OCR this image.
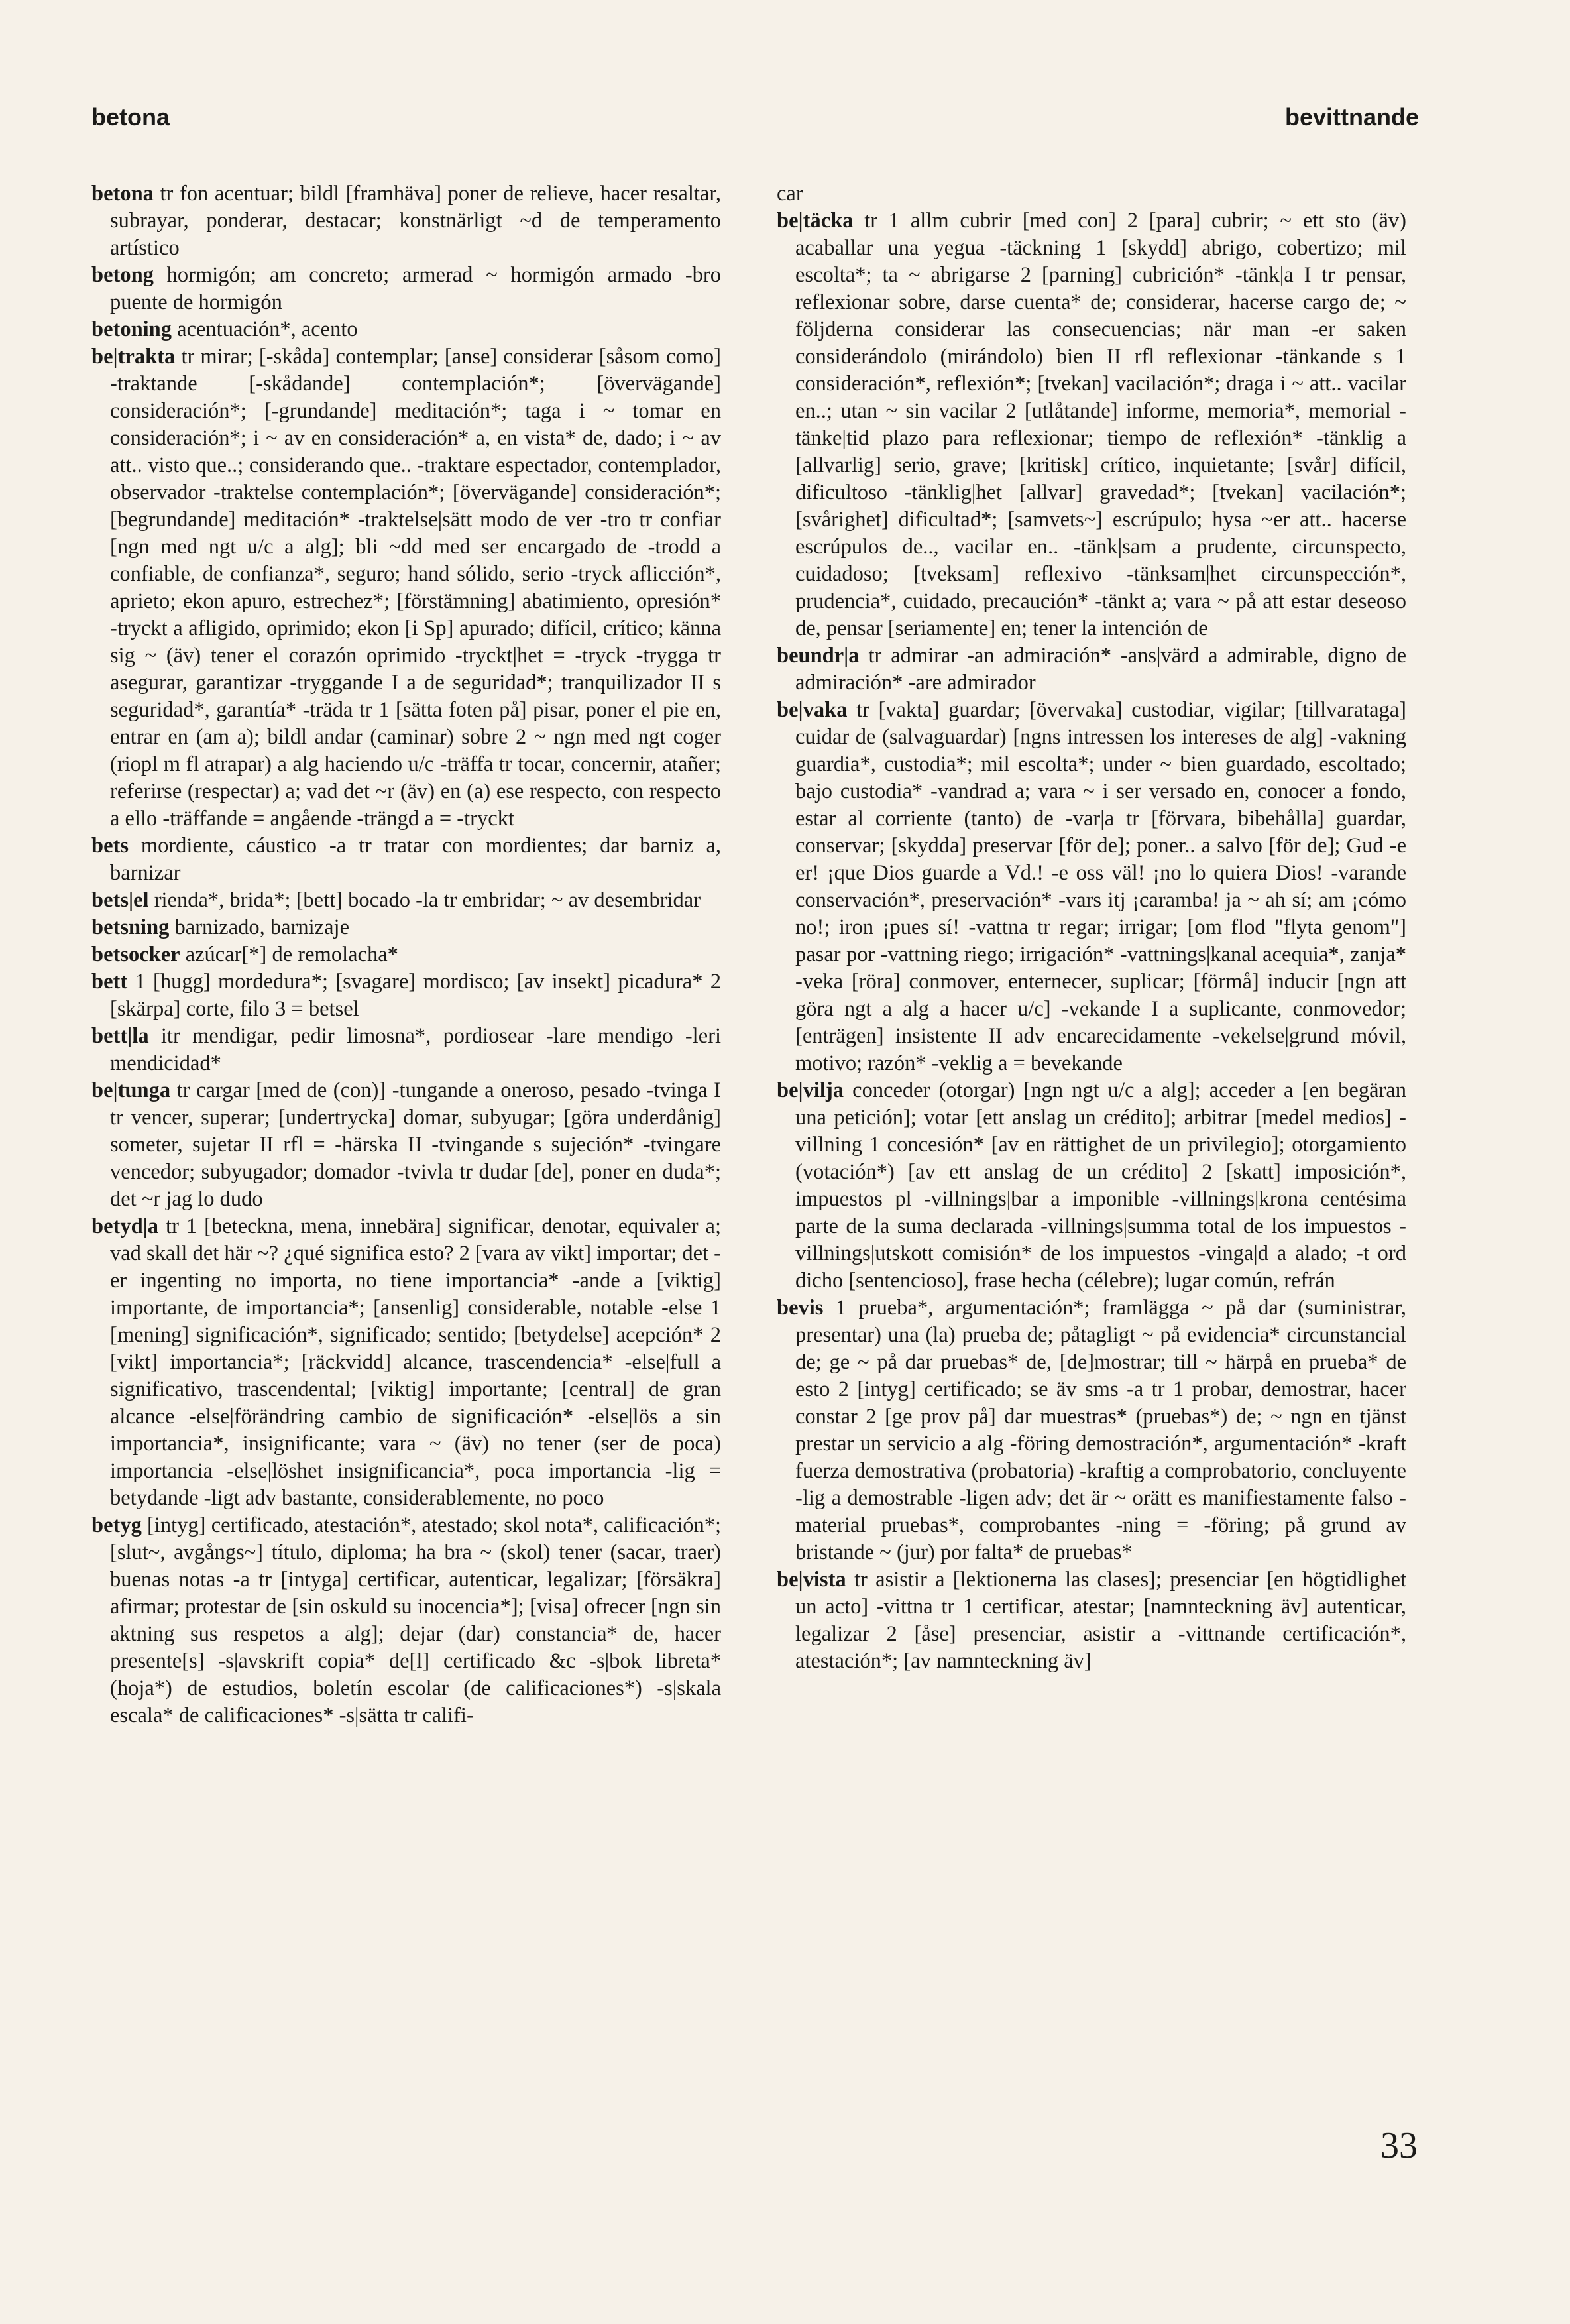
betona	bevittnande

betona tr fon acentuar; bildl [framhäva] poner de relieve, hacer resaltar, subrayar, ponderar, destacar; konstnärligt ~d de temperamento artístico

betong hormigón; am concreto; armerad ~ hormigón armado -bro puente de hormigón

betoning acentuación*, acento

be|trakta tr mirar; [-skåda] contemplar; [anse] considerar [såsom como] -traktande [-skådande] contemplación*; [övervägande] consideración*; [-grundande] meditación*; taga i ~ tomar en consideración*; i ~ av en consideración* a, en vista* de, dado; i ~ av att.. visto que..; considerando que.. -traktare espectador, contemplador, observador -traktelse contemplación*; [övervägande] consideración*; [begrundande] meditación* -traktelse|sätt modo de ver -tro tr confiar [ngn med ngt u/c a alg]; bli ~dd med ser encargado de -trodd a confiable, de confianza*, seguro; hand sólido, serio -tryck aflicción*, aprieto; ekon apuro, estrechez*; [förstämning] abatimiento, opresión* -tryckt a afligido, oprimido; ekon [i Sp] apurado; difícil, crítico; känna sig ~ (äv) tener el corazón oprimido -tryckt|het = -tryck -trygga tr asegurar, garantizar -tryggande I a de seguridad*; tranquilizador II s seguridad*, garantía* -träda tr 1 [sätta foten på] pisar, poner el pie en, entrar en (am a); bildl andar (caminar) sobre 2 ~ ngn med ngt coger (riopl m fl atrapar) a alg haciendo u/c -träffa tr tocar, concernir, atañer; referirse (respectar) a; vad det ~r (äv) en (a) ese respecto, con respecto a ello -träffande = angående -trängd a = -tryckt

bets mordiente, cáustico -a tr tratar con mordientes; dar barniz a, barnizar

bets|el rienda*, brida*; [bett] bocado -la tr embridar; ~ av desembridar

betsning barnizado, barnizaje

betsocker azúcar[*] de remolacha*

bett 1 [hugg] mordedura*; [svagare] mordisco; [av insekt] picadura* 2 [skärpa] corte, filo 3 = betsel

bett|la itr mendigar, pedir limosna*, pordiosear -lare mendigo -leri mendicidad*

be|tunga tr cargar [med de (con)] -tungande a oneroso, pesado -tvinga I tr vencer, superar; [undertrycka] domar, subyugar; [göra underdånig] someter, sujetar II rfl = -härska II -tvingande s sujeción* -tvingare vencedor; subyugador; domador -tvivla tr dudar [de], poner en duda*; det ~r jag lo dudo

betyd|a tr 1 [beteckna, mena, innebära] significar, denotar, equivaler a; vad skall det här ~? ¿qué significa esto? 2 [vara av vikt] importar; det -er ingenting no importa, no tiene importancia* -ande a [viktig] importante, de importancia*; [ansenlig] considerable, notable -else 1 [mening] significación*, significado; sentido; [betydelse] acepción* 2 [vikt] importancia*; [räckvidd] alcance, trascendencia* -else|full a significativo, trascendental; [viktig] importante; [central] de gran alcance -else|förändring cambio de significación* -else|lös a sin importancia*, insignificante; vara ~ (äv) no tener (ser de poca) importancia -else|löshet insignificancia*, poca importancia -lig = betydande -ligt adv bastante, considerablemente, no poco

betyg [intyg] certificado, atestación*, atestado; skol nota*, calificación*; [slut~, avgångs~] título, diploma; ha bra ~ (skol) tener (sacar, traer) buenas notas -a tr [intyga] certificar, autenticar, legalizar; [försäkra] afirmar; protestar de [sin oskuld su inocencia*]; [visa] ofrecer [ngn sin aktning sus respetos a alg]; dejar (dar) constancia* de, hacer presente[s] -s|avskrift copia* de[l] certificado &c -s|bok libreta* (hoja*) de estudios, boletín escolar (de calificaciones*) -s|skala escala* de calificaciones* -s|sätta tr califi-

car

be|täcka tr 1 allm cubrir [med con] 2 [para] cubrir; ~ ett sto (äv) acaballar una yegua -täckning 1 [skydd] abrigo, cobertizo; mil escolta*; ta ~ abrigarse 2 [parning] cubrición* -tänk|a I tr pensar, reflexionar sobre, darse cuenta* de; considerar, hacerse cargo de; ~ följderna considerar las consecuencias; när man -er saken considerándolo (mirándolo) bien II rfl reflexionar -tänkande s 1 consideración*, reflexión*; [tvekan] vacilación*; draga i ~ att.. vacilar en..; utan ~ sin vacilar 2 [utlåtande] informe, memoria*, memorial -tänke|tid plazo para reflexionar; tiempo de reflexión* -tänklig a [allvarlig] serio, grave; [kritisk] crítico, inquietante; [svår] difícil, dificultoso -tänklig|het [allvar] gravedad*; [tvekan] vacilación*; [svårighet] dificultad*; [samvets~] escrúpulo; hysa ~er att.. hacerse escrúpulos de.., vacilar en.. -tänk|sam a prudente, circunspecto, cuidadoso; [tveksam] reflexivo -tänksam|het circunspección*, prudencia*, cuidado, precaución* -tänkt a; vara ~ på att estar deseoso de, pensar [seriamente] en; tener la intención de

beundr|a tr admirar -an admiración* -ans|värd a admirable, digno de admiración* -are admirador

be|vaka tr [vakta] guardar; [övervaka] custodiar, vigilar; [tillvarataga] cuidar de (salvaguardar) [ngns intressen los intereses de alg] -vakning guardia*, custodia*; mil escolta*; under ~ bien guardado, escoltado; bajo custodia* -vandrad a; vara ~ i ser versado en, conocer a fondo, estar al corriente (tanto) de -var|a tr [förvara, bibehålla] guardar, conservar; [skydda] preservar [för de]; poner.. a salvo [för de]; Gud -e er! ¡que Dios guarde a Vd.! -e oss väl! ¡no lo quiera Dios! -varande conservación*, preservación* -vars itj ¡caramba! ja ~ ah sí; am ¡cómo no!; iron ¡pues sí! -vattna tr regar; irrigar; [om flod "flyta genom"] pasar por -vattning riego; irrigación* -vattnings|kanal acequia*, zanja* -veka [röra] conmover, enternecer, suplicar; [förmå] inducir [ngn att göra ngt a alg a hacer u/c] -vekande I a suplicante, conmovedor; [enträgen] insistente II adv encarecidamente -vekelse|grund móvil, motivo; razón* -veklig a = bevekande

be|vilja conceder (otorgar) [ngn ngt u/c a alg]; acceder a [en begäran una petición]; votar [ett anslag un crédito]; arbitrar [medel medios] -villning 1 concesión* [av en rättighet de un privilegio]; otorgamiento (votación*) [av ett anslag de un crédito] 2 [skatt] imposición*, impuestos pl -villnings|bar a imponible -villnings|krona centésima parte de la suma declarada -villnings|summa total de los impuestos -villnings|utskott comisión* de los impuestos -vinga|d a alado; -t ord dicho [sentencioso], frase hecha (célebre); lugar común, refrán

bevis 1 prueba*, argumentación*; framlägga ~ på dar (suministrar, presentar) una (la) prueba de; påtagligt ~ på evidencia* circunstancial de; ge ~ på dar pruebas* de, [de]mostrar; till ~ härpå en prueba* de esto 2 [intyg] certificado; se äv sms -a tr 1 probar, demostrar, hacer constar 2 [ge prov på] dar muestras* (pruebas*) de; ~ ngn en tjänst prestar un servicio a alg -föring demostración*, argumentación* -kraft fuerza demostrativa (probatoria) -kraftig a comprobatorio, concluyente -lig a demostrable -ligen adv; det är ~ orätt es manifiestamente falso -material pruebas*, comprobantes -ning = -föring; på grund av bristande ~ (jur) por falta* de pruebas*

be|vista tr asistir a [lektionerna las clases]; presenciar [en högtidlighet un acto] -vittna tr 1 certificar, atestar; [namnteckning äv] autenticar, legalizar 2 [åse] presenciar, asistir a -vittnande certificación*, atestación*; [av namnteckning äv]

33
